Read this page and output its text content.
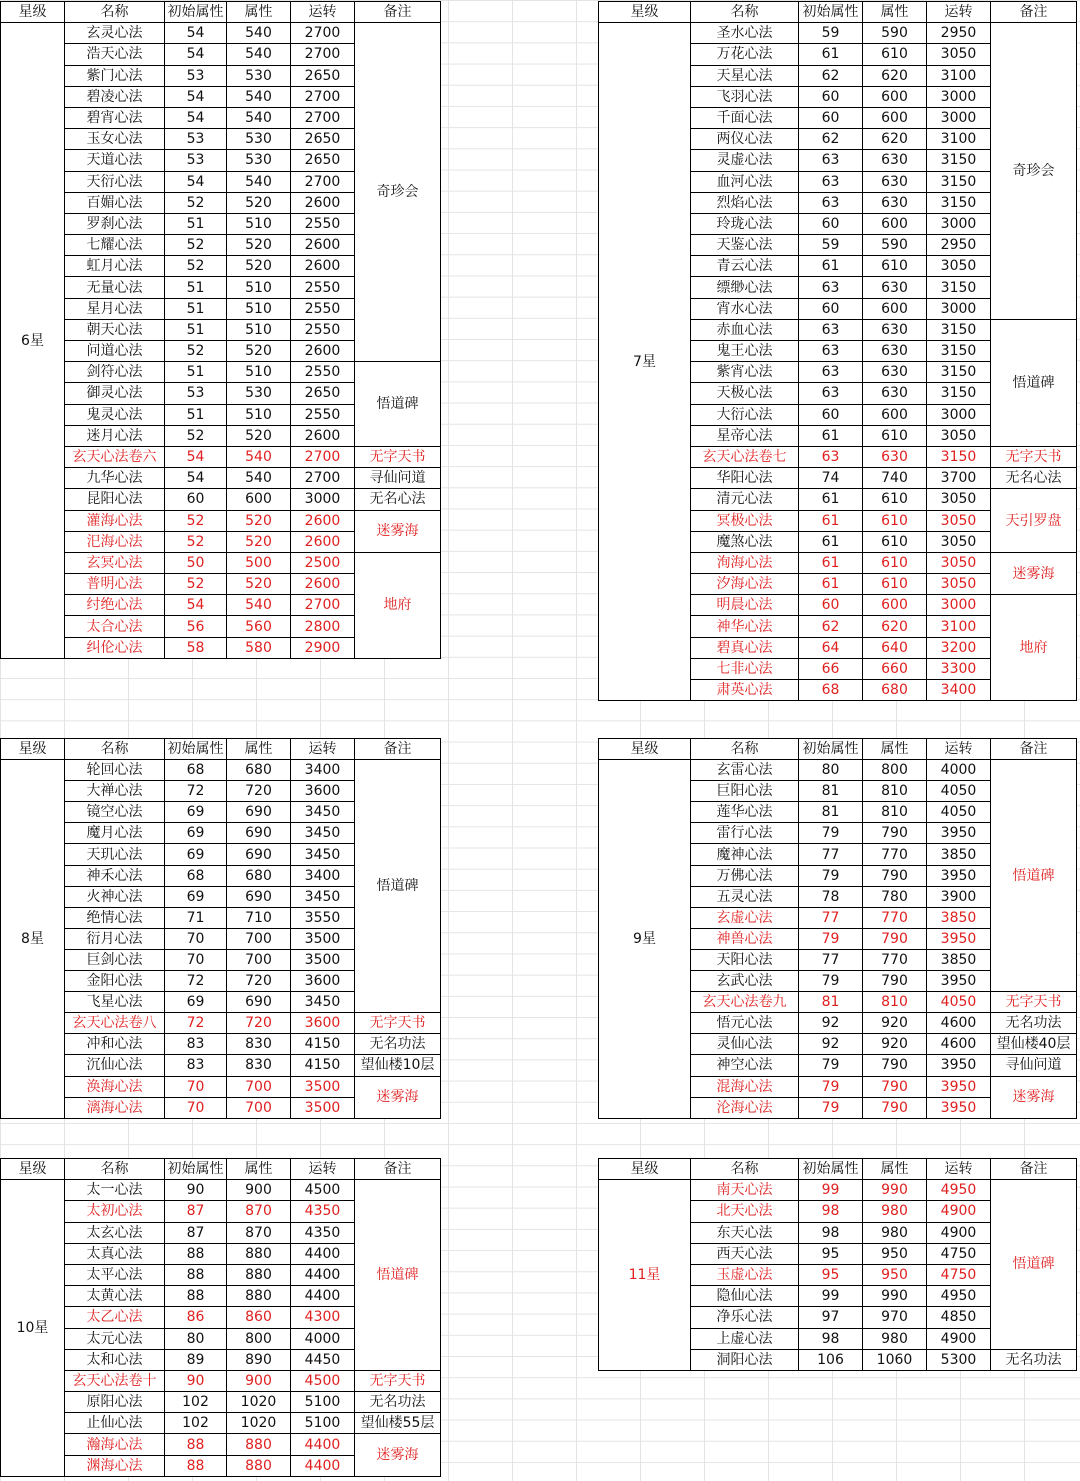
星级	名称	初始属性	属性	运转	备注
6星	玄灵心法	54	540	2700	奇珍会
	浩天心法	54	540	2700	
	紫门心法	53	530	2650	
	碧凌心法	54	540	2700	
	碧宵心法	54	540	2700	
	玉女心法	53	530	2650	
	天道心法	53	530	2650	
	天衍心法	54	540	2700	
	百媚心法	52	520	2600	
	罗刹心法	51	510	2550	
	七耀心法	52	520	2600	
	虹月心法	52	520	2600	
	无量心法	51	510	2550	
	星月心法	51	510	2550	
	朝天心法	51	510	2550	
	问道心法	52	520	2600	
	剑符心法	51	510	2550	悟道碑
	御灵心法	53	530	2650	
	鬼灵心法	51	510	2550	
	迷月心法	52	520	2600	
	玄天心法卷六	54	540	2700	无字天书
	九华心法	54	540	2700	寻仙问道
	昆阳心法	60	600	3000	无名心法
	灌海心法	52	520	2600	迷雾海
	汜海心法	52	520	2600	
	玄冥心法	50	500	2500	地府
	普明心法	52	520	2600	
	纣绝心法	54	540	2700	
	太合心法	56	560	2800	
	纠伦心法	58	580	2900	
星级	名称	初始属性	属性	运转	备注
7星	圣水心法	59	590	2950	奇珍会
	万花心法	61	610	3050	
	天星心法	62	620	3100	
	飞羽心法	60	600	3000	
	千面心法	60	600	3000	
	两仪心法	62	620	3100	
	灵虚心法	63	630	3150	
	血河心法	63	630	3150	
	烈焰心法	63	630	3150	
	玲珑心法	60	600	3000	
	天鉴心法	59	590	2950	
	青云心法	61	610	3050	
	缥缈心法	63	630	3150	
	宵水心法	60	600	3000	
	赤血心法	63	630	3150	悟道碑
	鬼王心法	63	630	3150	
	紫宵心法	63	630	3150	
	天极心法	63	630	3150	
	大衍心法	60	600	3000	
	星帝心法	61	610	3050	
	玄天心法卷七	63	630	3150	无字天书
	华阳心法	74	740	3700	无名心法
	清元心法	61	610	3050	天引罗盘
	冥极心法	61	610	3050	
	魔煞心法	61	610	3050	
	洵海心法	61	610	3050	迷雾海
	汐海心法	61	610	3050	
	明晨心法	60	600	3000	地府
	神华心法	62	620	3100	
	碧真心法	64	640	3200	
	七非心法	66	660	3300	
	肃英心法	68	680	3400	
星级	名称	初始属性	属性	运转	备注
8星	轮回心法	68	680	3400	悟道碑
	大禅心法	72	720	3600	
	镜空心法	69	690	3450	
	魔月心法	69	690	3450	
	天玑心法	69	690	3450	
	神禾心法	68	680	3400	
	火神心法	69	690	3450	
	绝情心法	71	710	3550	
	衍月心法	70	700	3500	
	巨剑心法	70	700	3500	
	金阳心法	72	720	3600	
	飞星心法	69	690	3450	
	玄天心法卷八	72	720	3600	无字天书
	冲和心法	83	830	4150	无名功法
	沉仙心法	83	830	4150	望仙楼10层
	涣海心法	70	700	3500	迷雾海
	漓海心法	70	700	3500	
星级	名称	初始属性	属性	运转	备注
9星	玄雷心法	80	800	4000	悟道碑
	巨阳心法	81	810	4050	
	莲华心法	81	810	4050	
	雷行心法	79	790	3950	
	魔神心法	77	770	3850	
	万佛心法	79	790	3950	
	五灵心法	78	780	3900	
	玄虚心法	77	770	3850	
	神兽心法	79	790	3950	
	天阳心法	77	770	3850	
	玄武心法	79	790	3950	
	玄天心法卷九	81	810	4050	无字天书
	悟元心法	92	920	4600	无名功法
	灵仙心法	92	920	4600	望仙楼40层
	神空心法	79	790	3950	寻仙问道
	混海心法	79	790	3950	迷雾海
	沦海心法	79	790	3950	
星级	名称	初始属性	属性	运转	备注
10星	太一心法	90	900	4500	悟道碑
	太初心法	87	870	4350	
	太玄心法	87	870	4350	
	太真心法	88	880	4400	
	太平心法	88	880	4400	
	太黄心法	88	880	4400	
	太乙心法	86	860	4300	
	太元心法	80	800	4000	
	太和心法	89	890	4450	
	玄天心法卷十	90	900	4500	无字天书
	原阳心法	102	1020	5100	无名功法
	止仙心法	102	1020	5100	望仙楼55层
	瀚海心法	88	880	4400	迷雾海
	渊海心法	88	880	4400	
星级	名称	初始属性	属性	运转	备注
11星	南天心法	99	990	4950	悟道碑
	北天心法	98	980	4900	
	东天心法	98	980	4900	
	西天心法	95	950	4750	
	玉虚心法	95	950	4750	
	隐仙心法	99	990	4950	
	净乐心法	97	970	4850	
	上虚心法	98	980	4900	
	洞阳心法	106	1060	5300	无名功法
